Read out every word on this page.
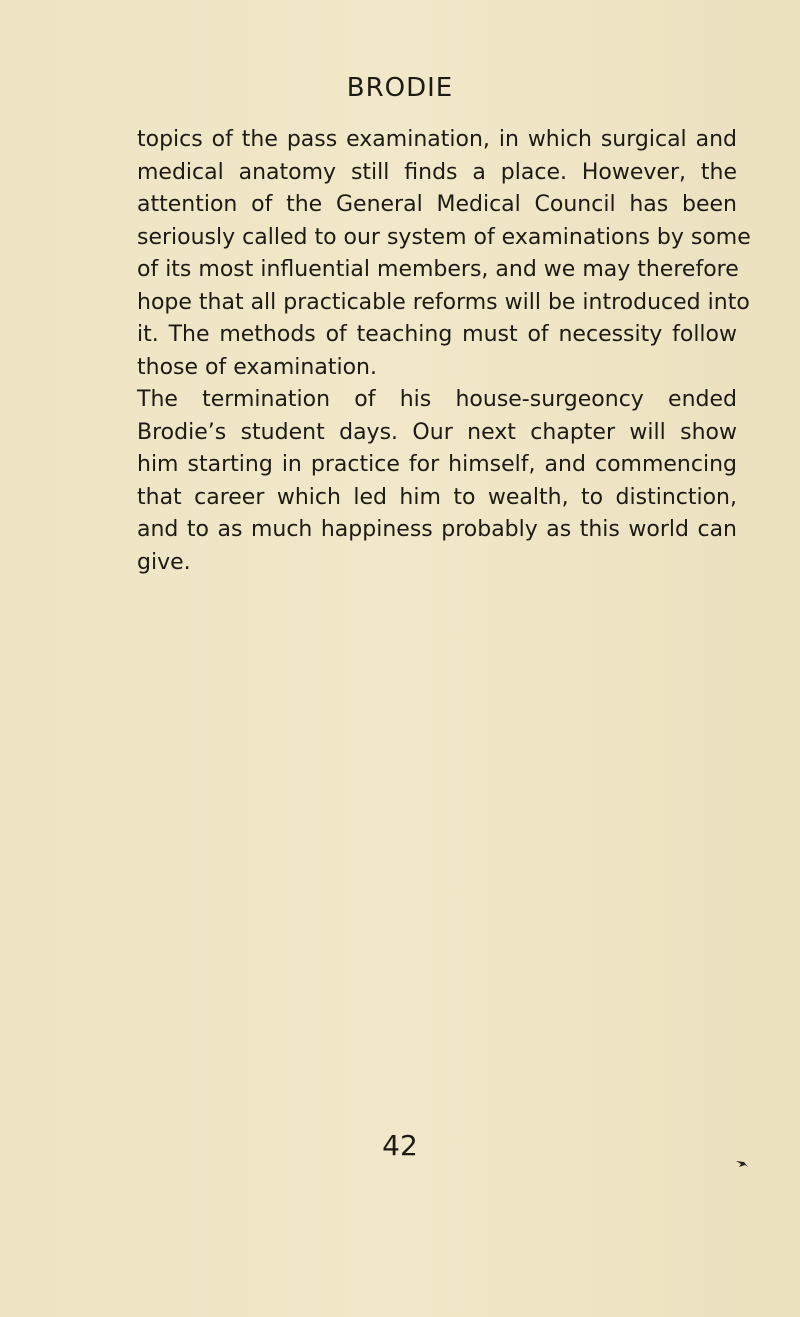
BRODIE
topics of the pass examination, in which surgical and
medical anatomy still finds a place. However, the
attention of the General Medical Council has been
seriously called to our system of examinations by some
of its most influential members, and we may therefore
hope that all practicable reforms will be introduced into
it. The methods of teaching must of necessity follow
those of examination.
The termination of his house-surgeoncy ended
Brodie’s student days. Our next chapter will show
him starting in practice for himself, and commencing
that career which led him to wealth, to distinction,
and to as much happiness probably as this world can
give.
42
